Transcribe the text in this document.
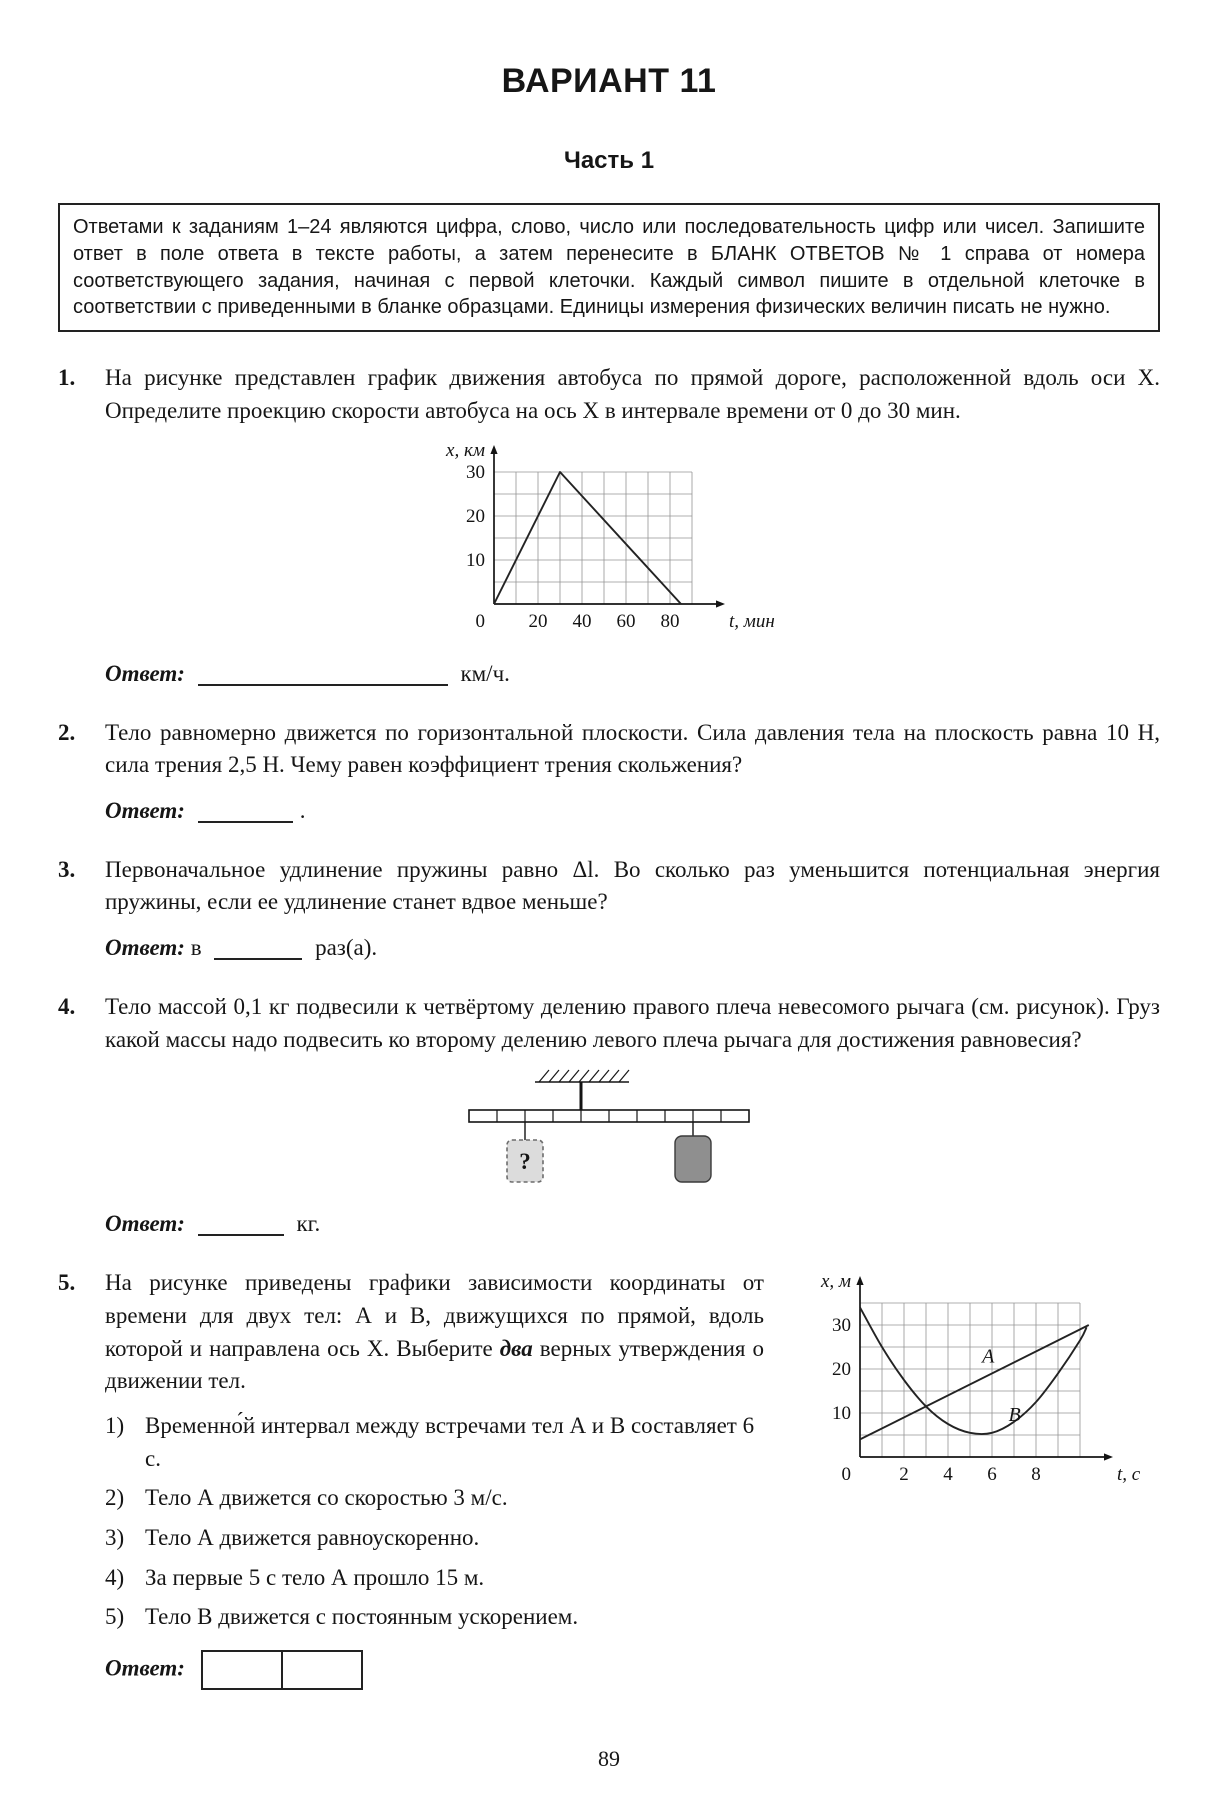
ВАРИАНТ 11
Часть 1
Ответами к заданиям 1–24 являются цифра, слово, число или последовательность цифр или чисел. Запишите ответ в поле ответа в тексте работы, а затем перенесите в БЛАНК ОТВЕТОВ № 1 справа от номера соответствующего задания, начиная с первой клеточки. Каждый символ пишите в отдельной клеточке в соответствии с приведенными в бланке образцами. Единицы измерения физических величин писать не нужно.
1.	На рисунке представлен график движения автобуса по прямой дороге, расположенной вдоль оси X. Определите проекцию скорости автобуса на ось X в интервале времени от 0 до 30 мин.

20 40 60 80
10
20
30
0
x, км
t, мин
Ответ:	км/ч.
2.	Тело равномерно движется по горизонтальной плоскости. Сила давления тела на плоскость равна 10 Н, сила трения 2,5 Н. Чему равен коэффициент трения скольжения?

Ответ:	.
3.	Первоначальное удлинение пружины равно Δl. Во сколько раз уменьшится потенциальная энергия пружины, если ее удлинение станет вдвое меньше?

Ответ: в	раз(а).
4.	Тело массой 0,1 кг подвесили к четвёртому делению правого плеча невесомого рычага (см. рисунок). Груз какой массы надо подвесить ко второму делению левого плеча рычага для достижения равновесия?

?
Ответ:	кг.
5.	На рисунке приведены графики зависимости координаты от времени для двух тел: А и В, движущихся по прямой, вдоль которой и направлена ось X. Выберите два верных утверждения о движении тел.

1) Временно́й интервал между встречами тел А и В составляет 6 с.
2) Тело А движется со скоростью 3 м/с.
3) Тело А движется равноускоренно.
4) За первые 5 с тело А прошло 15 м.
5) Тело В движется с постоянным ускорением.
2 4 6 8
10
20
30
0
x, м
t, с
А
В
Ответ:
89
